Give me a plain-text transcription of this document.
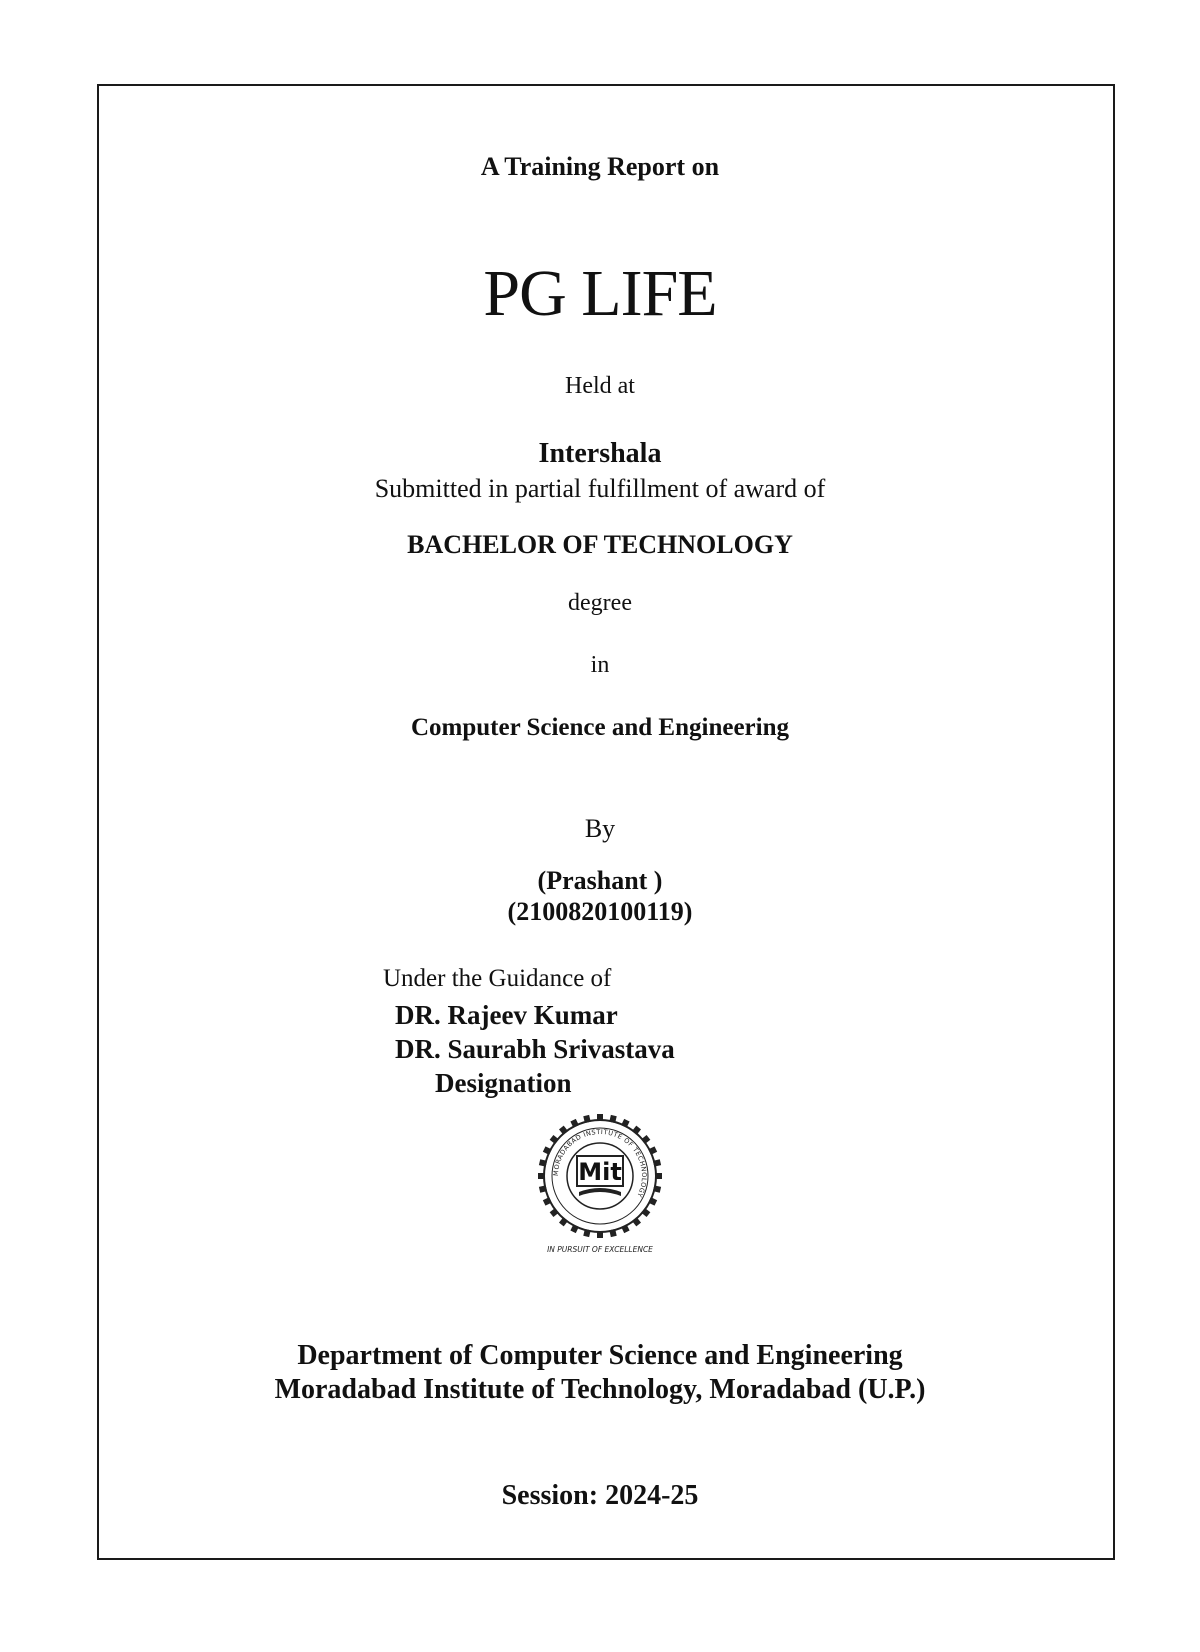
A Training Report on
PG LIFE
Held at
Intershala
Submitted in partial fulfillment of award of
BACHELOR OF TECHNOLOGY
degree
in
Computer Science and Engineering
By
(Prashant )
(2100820100119)
Under the Guidance of
DR. Rajeev Kumar
DR. Saurabh Srivastava
Designation
MORADABAD INSTITUTE OF TECHNOLOGY
Mit
IN PURSUIT OF EXCELLENCE
Department of Computer Science and Engineering
Moradabad Institute of Technology, Moradabad (U.P.)
Session: 2024-25
